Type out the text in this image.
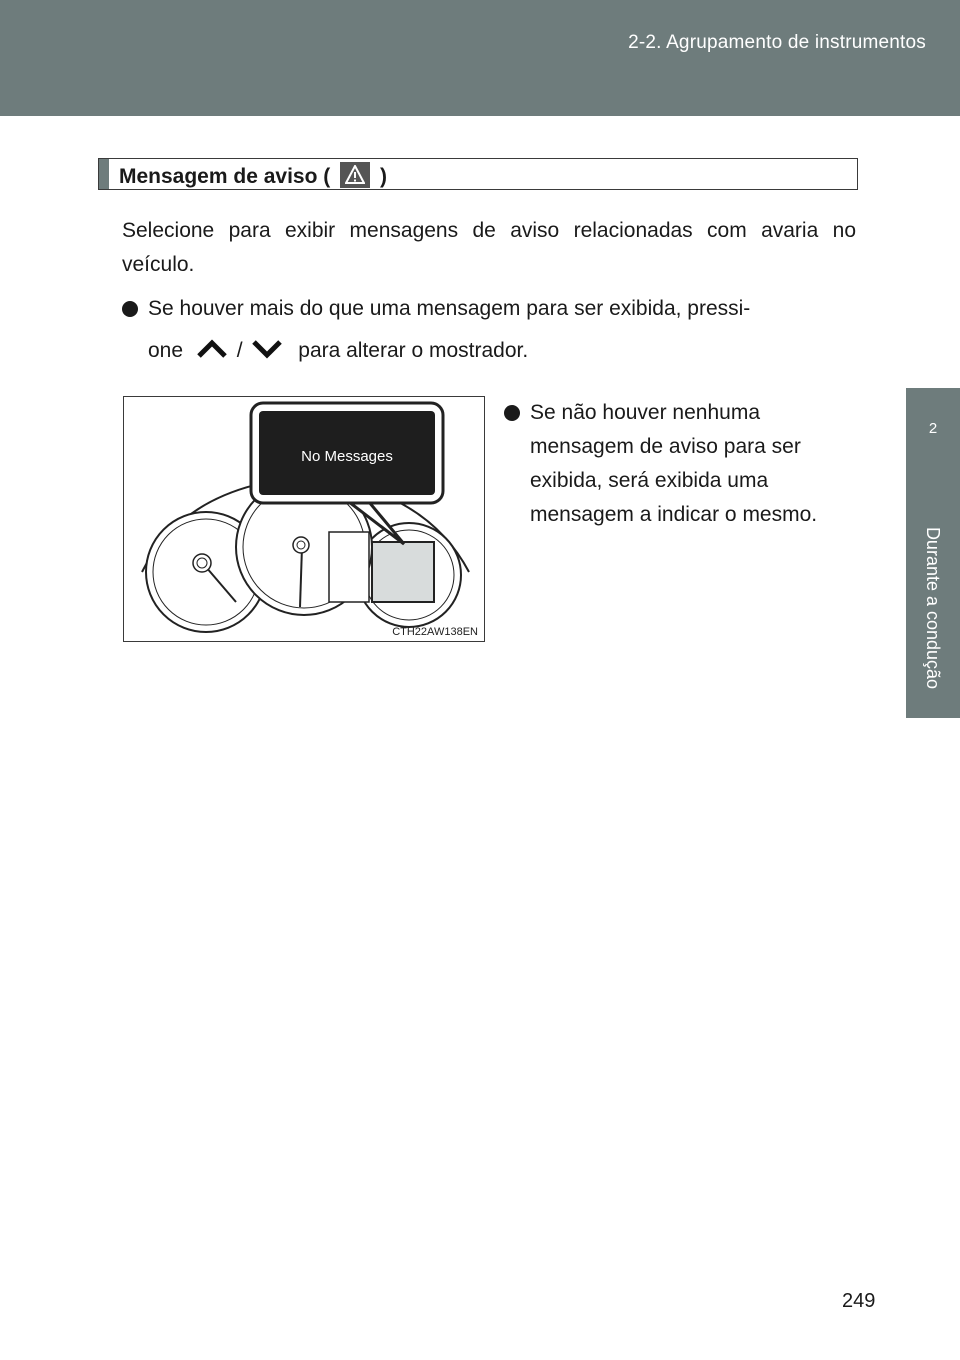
2-2. Agrupamento de instrumentos
2
Durante a condução
Mensagem de aviso ( )
Selecione para exibir mensagens de aviso relacionadas com avaria no veículo.
Se houver mais do que uma mensagem para ser exibida, pressi-
one	/	para alterar o mostrador.
No Messages
CTH22AW138EN
Se não houver nenhuma mensagem de aviso para ser exibida, será exibida uma mensagem a indicar o mesmo.
249
